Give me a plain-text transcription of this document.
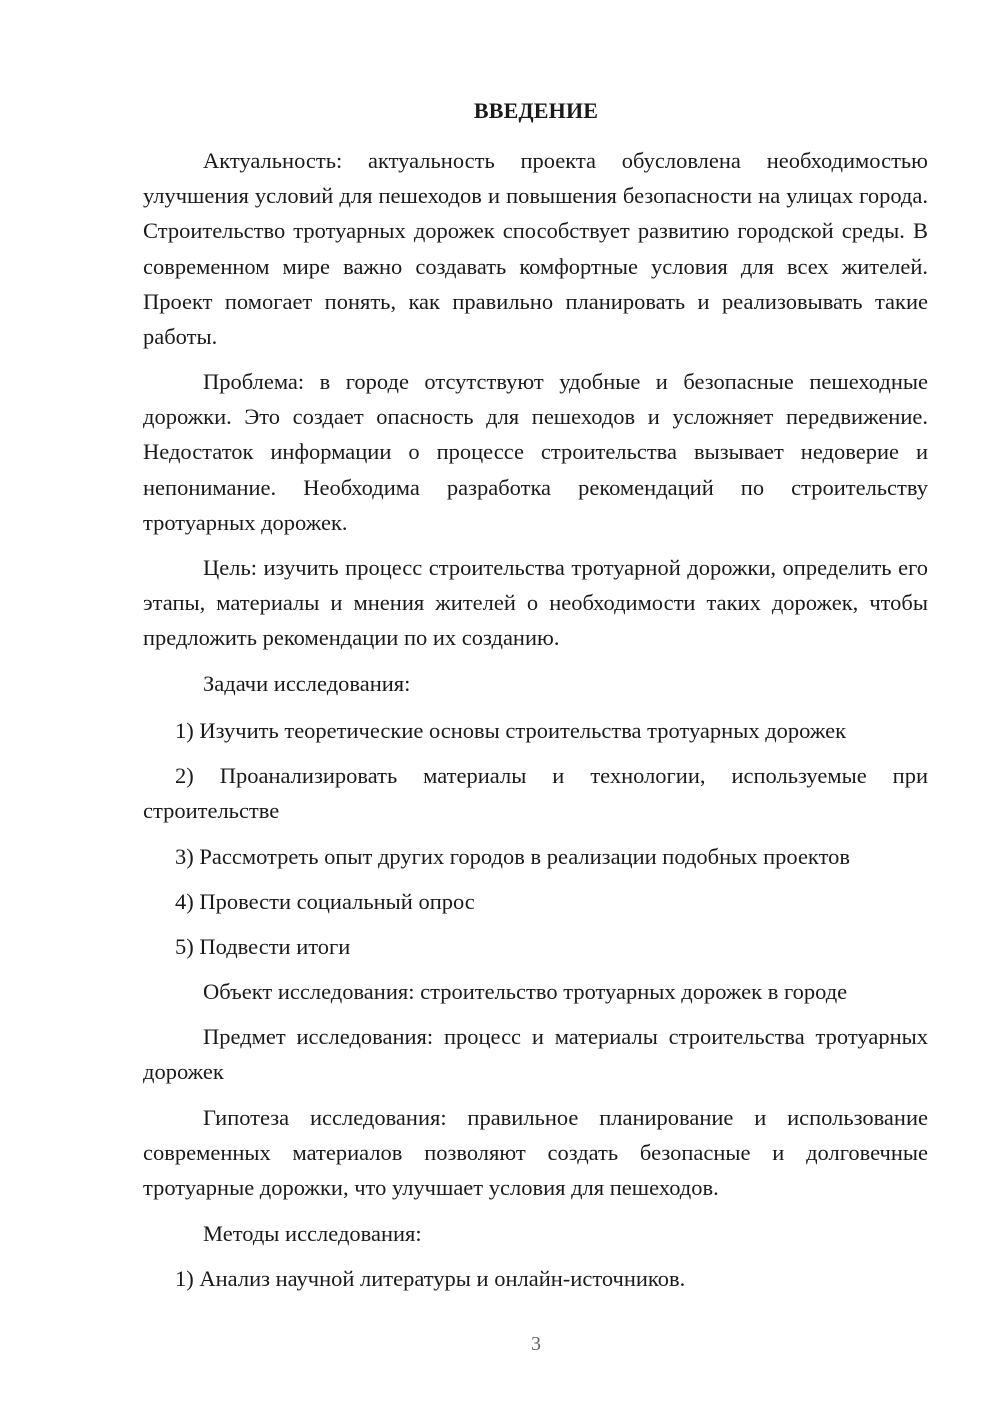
ВВЕДЕНИЕ

Актуальность: актуальность проекта обусловлена необходимостью улучшения условий для пешеходов и повышения безопасности на улицах города. Строительство тротуарных дорожек способствует развитию городской среды. В современном мире важно создавать комфортные условия для всех жителей. Проект помогает понять, как правильно планировать и реализовывать такие работы.

Проблема: в городе отсутствуют удобные и безопасные пешеходные дорожки. Это создает опасность для пешеходов и усложняет передвижение. Недостаток информации о процессе строительства вызывает недоверие и непонимание. Необходима разработка рекомендаций по строительству тротуарных дорожек.

Цель: изучить процесс строительства тротуарной дорожки, определить его этапы, материалы и мнения жителей о необходимости таких дорожек, чтобы предложить рекомендации по их созданию.

Задачи исследования:

1) Изучить теоретические основы строительства тротуарных дорожек

2) Проанализировать материалы и технологии, используемые при строительстве

3) Рассмотреть опыт других городов в реализации подобных проектов

4) Провести социальный опрос

5) Подвести итоги

Объект исследования: строительство тротуарных дорожек в городе

Предмет исследования: процесс и материалы строительства тротуарных дорожек

Гипотеза исследования: правильное планирование и использование современных материалов позволяют создать безопасные и долговечные тротуарные дорожки, что улучшает условия для пешеходов.

Методы исследования:

1) Анализ научной литературы и онлайн-источников.

3
